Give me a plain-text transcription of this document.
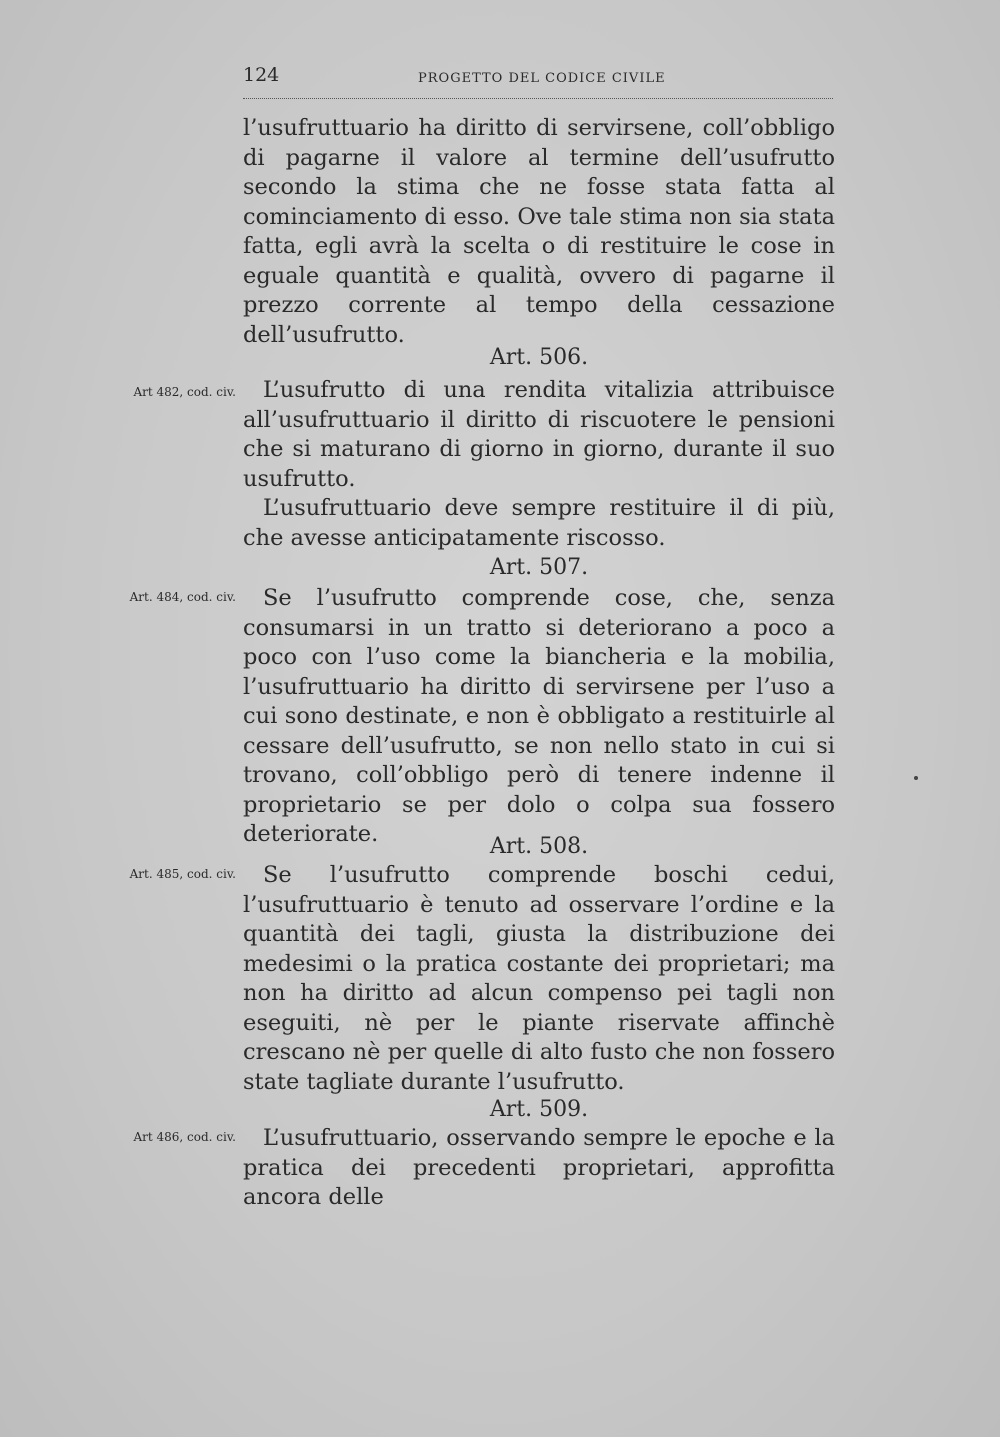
124	PROGETTO DEL CODICE CIVILE

l’usufruttuario ha diritto di servirsene, coll’obbligo di pagarne il valore al termine dell’usufrutto secondo la stima che ne fosse stata fatta al cominciamento di esso. Ove tale stima non sia stata fatta, egli avrà la scelta o di restituire le cose in eguale quantità e qualità, ovvero di pagarne il prezzo corrente al tempo della cessazione dell’usufrutto.

Art. 506.
Art 482, cod. civ.	L’usufrutto di una rendita vitalizia attribuisce all’usufruttuario il diritto di riscuotere le pensioni che si maturano di giorno in giorno, durante il suo usufrutto.

L’usufruttuario deve sempre restituire il di più, che avesse anticipatamente riscosso.

Art. 507.
Art. 484, cod. civ.	Se l’usufrutto comprende cose, che, senza consumarsi in un tratto si deteriorano a poco a poco con l’uso come la biancheria e la mobilia, l’usufruttuario ha diritto di servirsene per l’uso a cui sono destinate, e non è obbligato a restituirle al cessare dell’usufrutto, se non nello stato in cui si trovano, coll’obbligo però di tenere indenne il proprietario se per dolo o colpa sua fossero deteriorate.	Art. 508.
Art. 485, cod. civ.	Se l’usufrutto comprende boschi cedui, l’usufruttuario è tenuto ad osservare l’ordine e la quantità dei tagli, giusta la distribuzione dei medesimi o la pratica costante dei proprietari; ma non ha diritto ad alcun compenso pei tagli non eseguiti, nè per le piante riservate affinchè crescano nè per quelle di alto fusto che non fossero state tagliate durante l’usufrutto.

Art. 509.
Art 486, cod. civ.	L’usufruttuario, osservando sempre le epoche e la pratica dei precedenti proprietari, approfitta ancora delle
